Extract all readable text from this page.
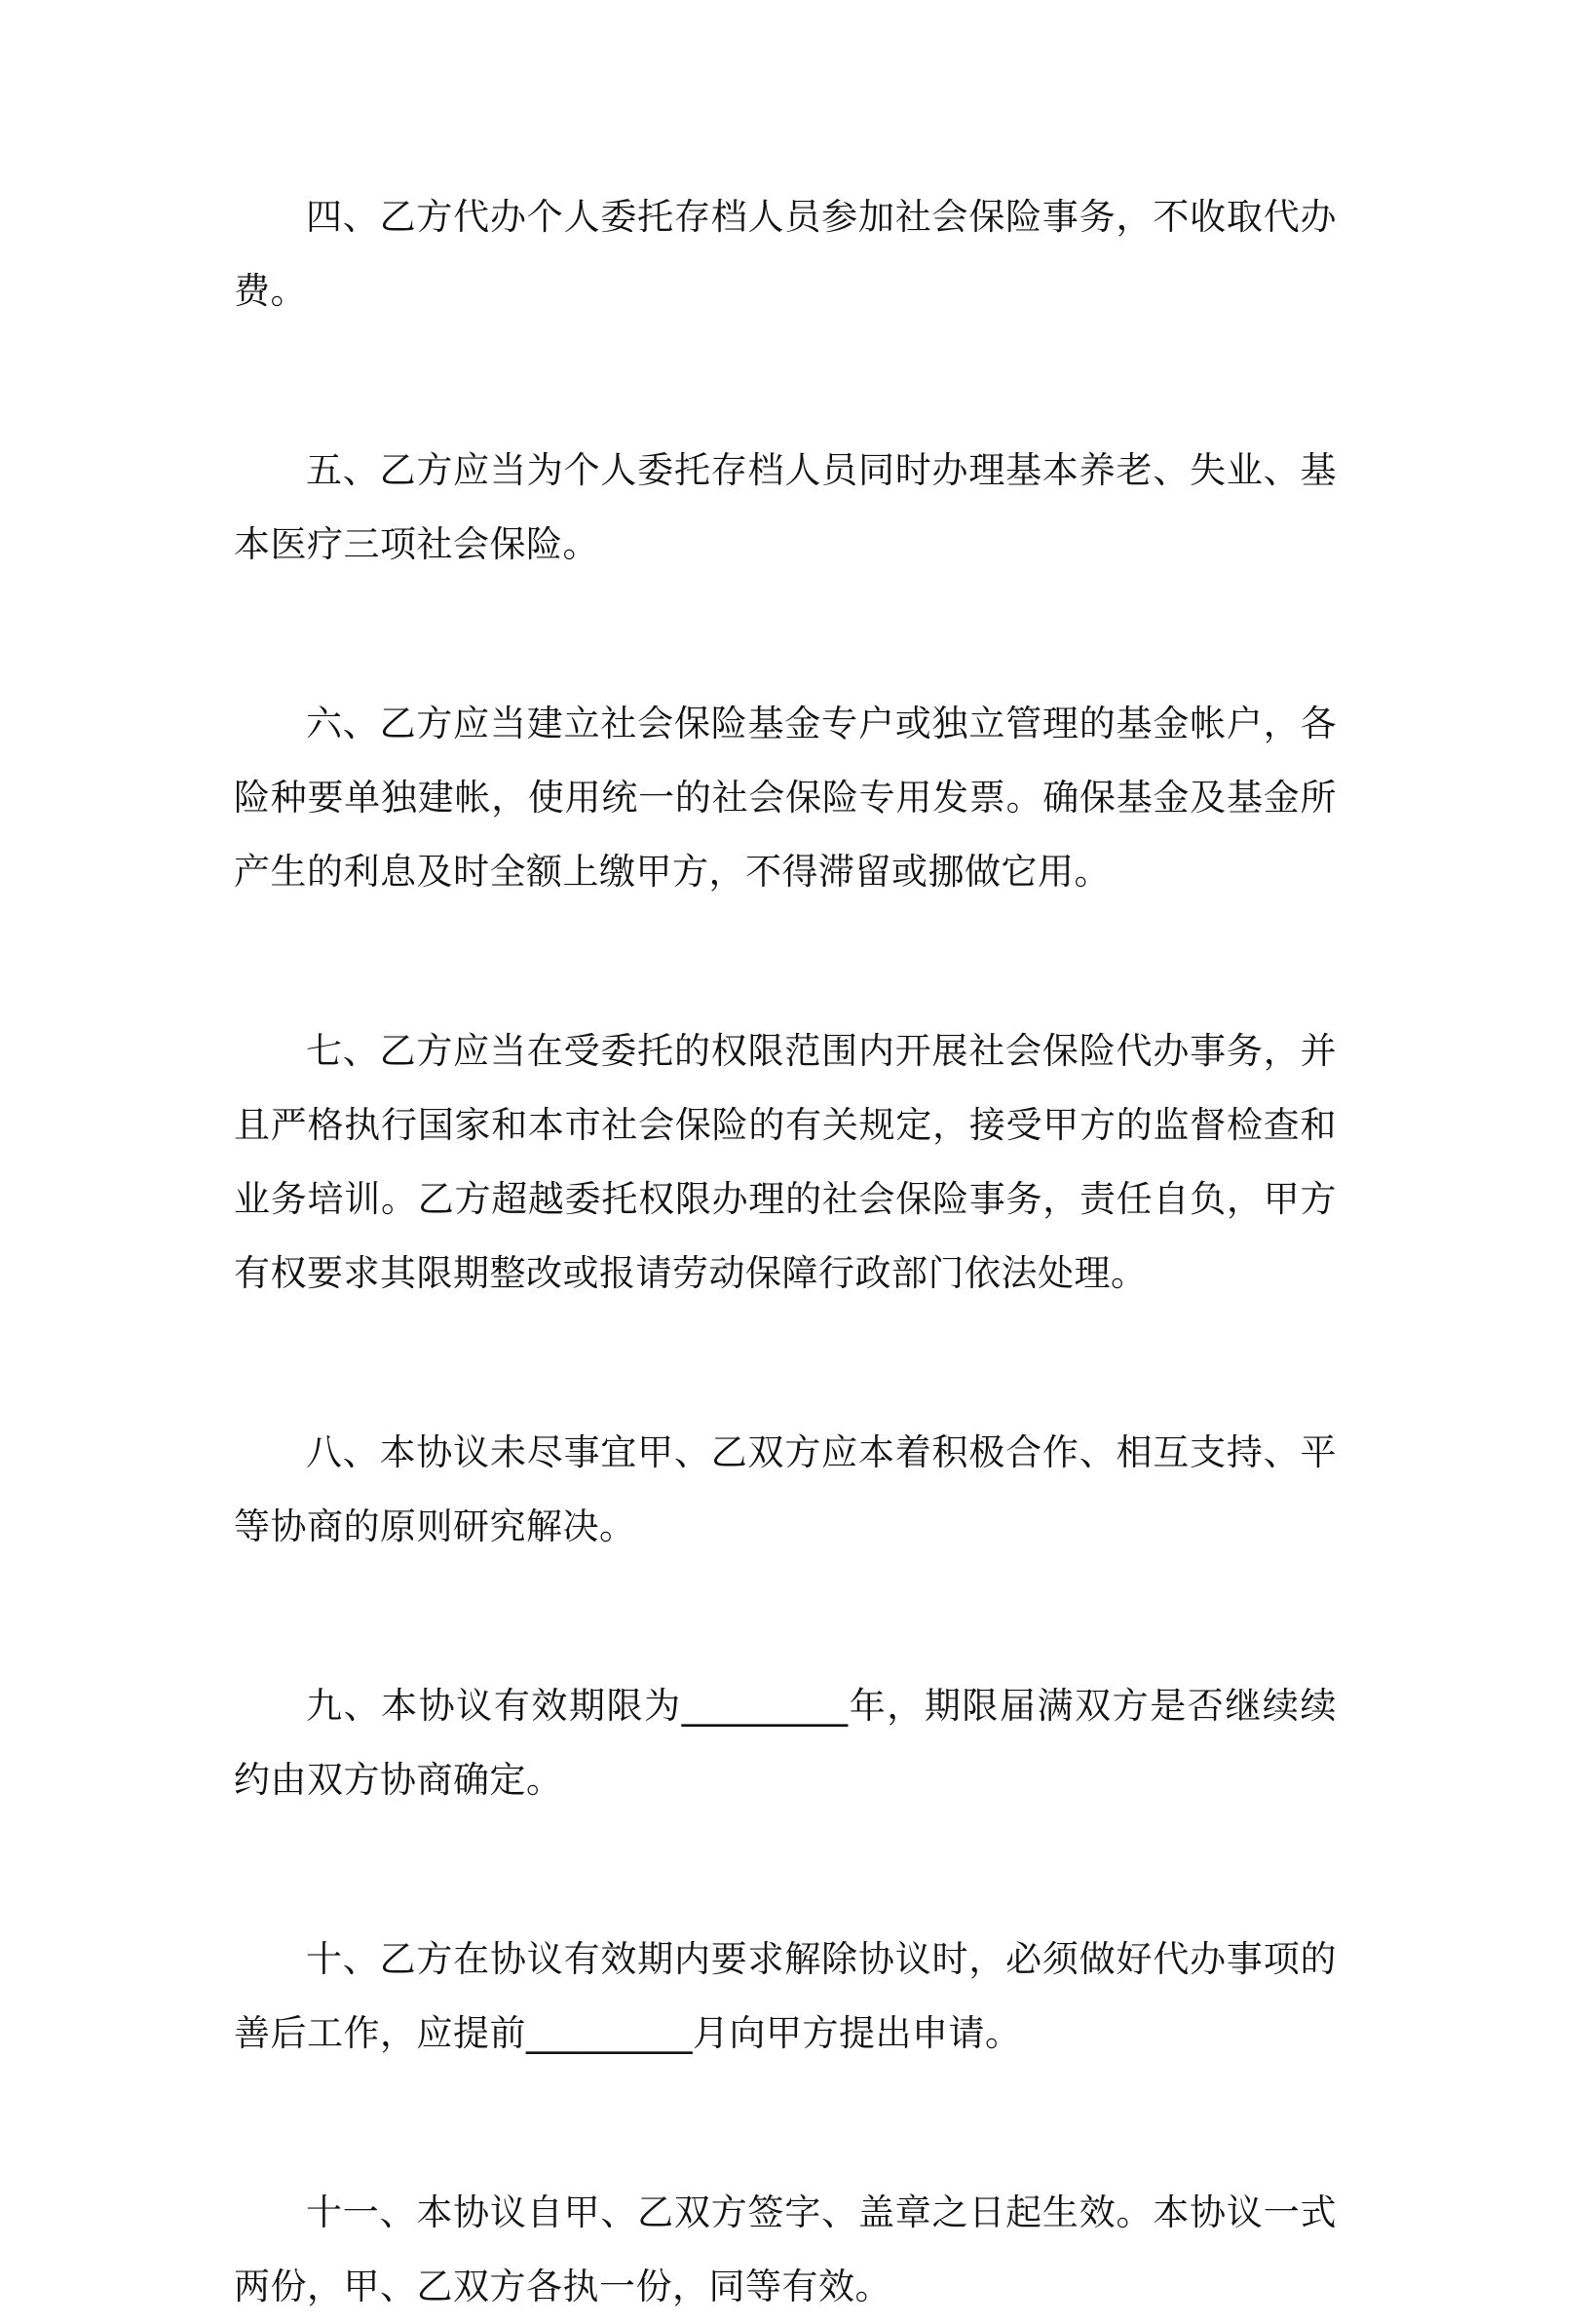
四、乙方代办个人委托存档人员参加社会保险事务，不收取代办费。

五、乙方应当为个人委托存档人员同时办理基本养老、失业、基本医疗三项社会保险。

六、乙方应当建立社会保险基金专户或独立管理的基金帐户，各险种要单独建帐，使用统一的社会保险专用发票。确保基金及基金所产生的利息及时全额上缴甲方，不得滞留或挪做它用。

七、乙方应当在受委托的权限范围内开展社会保险代办事务，并且严格执行国家和本市社会保险的有关规定，接受甲方的监督检查和业务培训。乙方超越委托权限办理的社会保险事务，责任自负，甲方有权要求其限期整改或报请劳动保障行政部门依法处理。

八、本协议未尽事宜甲、乙双方应本着积极合作、相互支持、平等协商的原则研究解决。

九、本协议有效期限为_________年，期限届满双方是否继续续约由双方协商确定。

十、乙方在协议有效期内要求解除协议时，必须做好代办事项的善后工作，应提前_________月向甲方提出申请。

十一、本协议自甲、乙双方签字、盖章之日起生效。本协议一式两份，甲、乙双方各执一份，同等有效。
